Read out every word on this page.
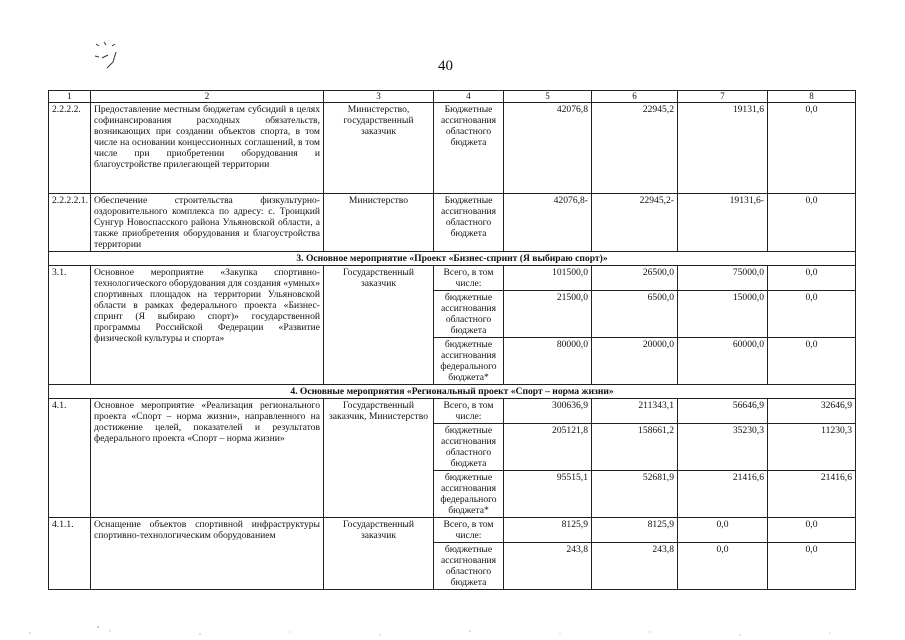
40
1	2	3	4	5	6	7	8
2.2.2.2.	Предоставление местным бюджетам субсидий в целях софинансирования расходных обязательств, возникающих при создании объектов спорта, в том числе на основании концессионных соглашений, в том числе при приобретении оборудования и благоустройстве прилегающей территории	Министерство, государственный заказчик	Бюджетные ассигнования областного бюджета	42076,8	22945,2	19131,6	0,0
2.2.2.2.1.	Обеспечение строительства физкультурно-оздоровительного комплекса по адресу: с. Троицкий Сунгур Новоспасского района Ульяновской области, а также приобретения оборудования и благоустройства территории	Министерство	Бюджетные ассигнования областного бюджета	42076,8-	22945,2-	19131,6-	0,0
3. Основное мероприятие «Проект «Бизнес-спринт (Я выбираю спорт)»							
3.1.	Основное мероприятие «Закупка спортивно-технологического оборудования для создания «умных» спортивных площадок на территории Ульяновской области в рамках федерального проекта «Бизнес-спринт (Я выбираю спорт)» государственной программы Российской Федерации «Развитие физической культуры и спорта»	Государственный заказчик	Всего, в том числе:	101500,0	26500,0	75000,0	0,0
			бюджетные ассигнования областного бюджета	21500,0	6500,0	15000,0	0,0
			бюджетные ассигнования федерального бюджета*	80000,0	20000,0	60000,0	0,0
4. Основные мероприятия «Региональный проект «Спорт – норма жизни»							
4.1.	Основное мероприятие «Реализация регионального проекта «Спорт – норма жизни», направленного на достижение целей, показателей и результатов федерального проекта «Спорт – норма жизни»	Государственный заказчик, Министерство	Всего, в том числе:	300636,9	211343,1	56646,9	32646,9
			бюджетные ассигнования областного бюджета	205121,8	158661,2	35230,3	11230,3
			бюджетные ассигнования федерального бюджета*	95515,1	52681,9	21416,6	21416,6
4.1.1.	Оснащение объектов спортивной инфраструктуры спортивно-технологическим оборудованием	Государственный заказчик	Всего, в том числе:	8125,9	8125,9	0,0	0,0
			бюджетные ассигнования областного бюджета	243,8	243,8	0,0	0,0
